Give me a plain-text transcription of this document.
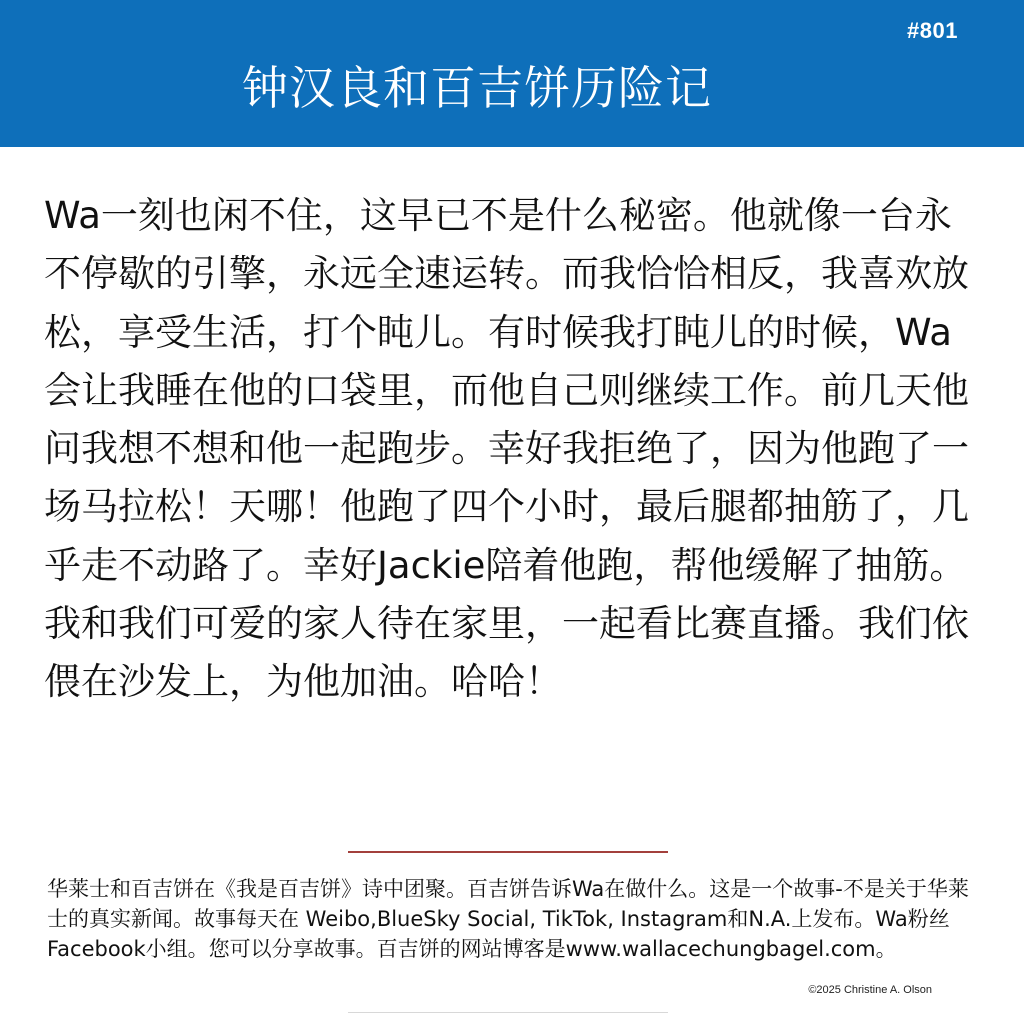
#801
钟汉良和百吉饼历险记

Wa一刻也闲不住，这早已不是什么秘密。他就像一台永不停歇的引擎，永远全速运转。而我恰恰相反，我喜欢放松，享受生活，打个盹儿。有时候我打盹儿的时候，Wa会让我睡在他的口袋里，而他自己则继续工作。前几天他问我想不想和他一起跑步。幸好我拒绝了，因为他跑了一场马拉松！天哪！他跑了四个小时，最后腿都抽筋了，几乎走不动路了。幸好Jackie陪着他跑，帮他缓解了抽筋。我和我们可爱的家人待在家里，一起看比赛直播。我们依偎在沙发上，为他加油。哈哈！

华莱士和百吉饼在《我是百吉饼》诗中团聚。百吉饼告诉Wa在做什么。这是一个故事-不是关于华莱士的真实新闻。故事每天在 Weibo,BlueSky Social, TikTok, Instagram和N.A.上发布。Wa粉丝Facebook小组。您可以分享故事。百吉饼的网站博客是www.wallacechungbagel.com。

©2025 Christine A. Olson
